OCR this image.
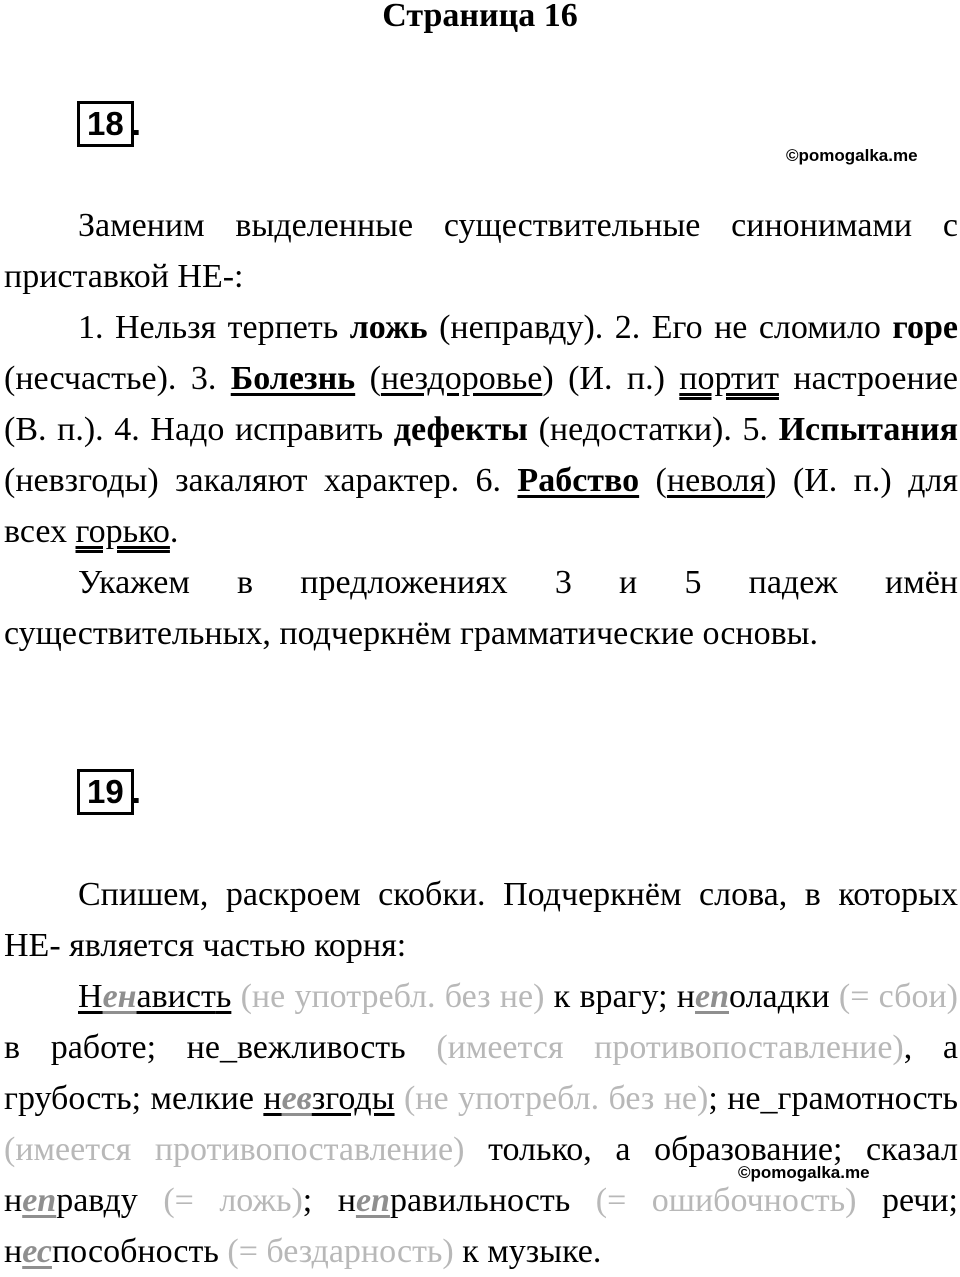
Страница 16
18 .
©pomogalka.me

Заменим выделенные существительные синонимами с приставкой НЕ-:

1. Нельзя терпеть ложь (неправду). 2. Его не сломило горе (несчастье). 3. Болезнь (нездоровье) (И. п.) портит настроение (В. п.). 4. Надо исправить дефекты (недостатки). 5. Испытания (невзгоды) закаляют характер. 6. Рабство (неволя) (И. п.) для всех горько.

Укажем в предложениях 3 и 5 падеж имён существительных, подчеркнём грамматические основы.

19 .

Спишем, раскроем скобки. Подчеркнём слова, в которых НЕ- является частью корня:

Ненависть (не употребл. без не) к врагу; неполадки (= сбои) в работе; не_вежливость (имеется противопоставление), а грубость; мелкие невзгоды (не употребл. без не); не_грамотность (имеется противопоставление) только, а образование; сказал неправду (= ложь); неправильность (= ошибочность) речи; неспособность (= бездарность) к музыке.

©pomogalka.me
